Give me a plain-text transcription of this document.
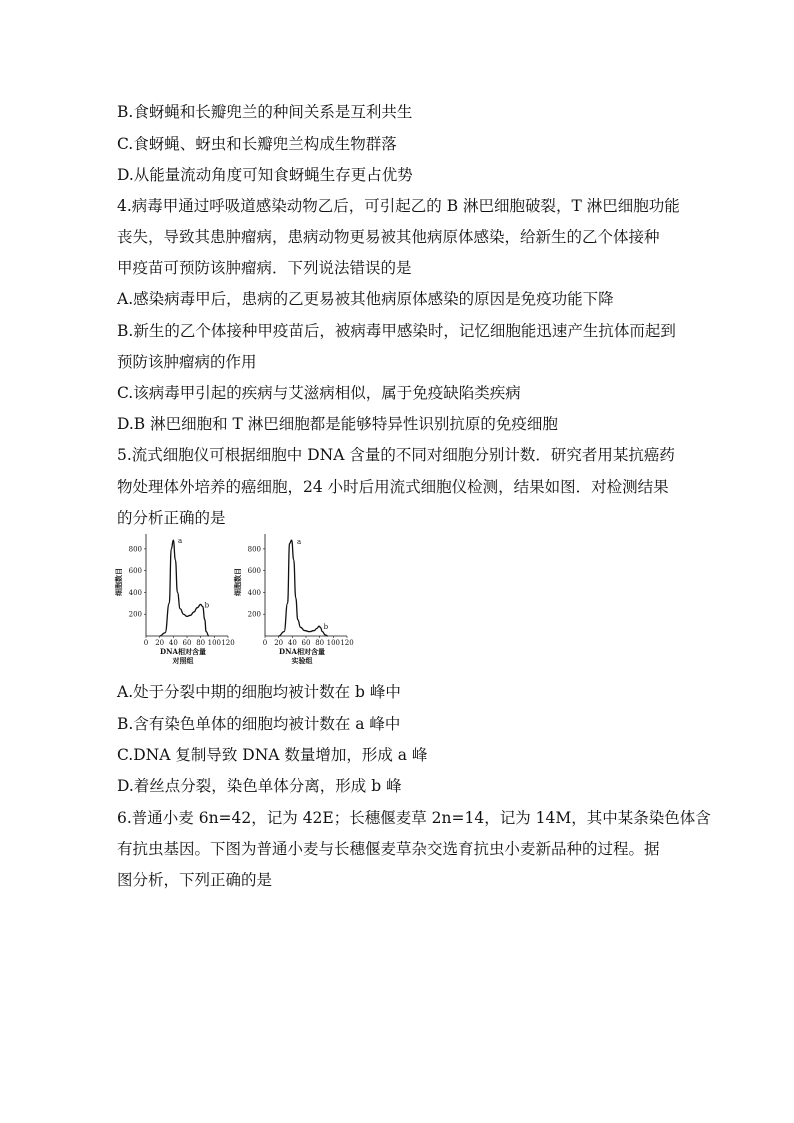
B.食蚜蝇和长瓣兜兰的种间关系是互利共生
C.食蚜蝇、蚜虫和长瓣兜兰构成生物群落
D.从能量流动角度可知食蚜蝇生存更占优势
4.病毒甲通过呼吸道感染动物乙后，可引起乙的 B 淋巴细胞破裂，T 淋巴细胞功能
丧失，导致其患肿瘤病，患病动物更易被其他病原体感染，给新生的乙个体接种
甲疫苗可预防该肿瘤病．下列说法错误的是
A.感染病毒甲后，患病的乙更易被其他病原体感染的原因是免疫功能下降
B.新生的乙个体接种甲疫苗后，被病毒甲感染时，记忆细胞能迅速产生抗体而起到
预防该肿瘤病的作用
C.该病毒甲引起的疾病与艾滋病相似，属于免疫缺陷类疾病
D.B 淋巴细胞和 T 淋巴细胞都是能够特异性识别抗原的免疫细胞
5.流式细胞仪可根据细胞中 DNA 含量的不同对细胞分别计数．研究者用某抗癌药
物处理体外培养的癌细胞，24 小时后用流式细胞仪检测，结果如图．对检测结果
的分析正确的是
0 20 40 60 80 100 120
200
400
600
800
a
b
细胞数目
DNA相对含量
对照组
0 20 40 60 80 100 120
200
400
600
800
a
b
细胞数目
DNA相对含量
实验组
A.处于分裂中期的细胞均被计数在 b 峰中
B.含有染色单体的细胞均被计数在 a 峰中
C.DNA 复制导致 DNA 数量增加，形成 a 峰
D.着丝点分裂，染色单体分离，形成 b 峰
6.普通小麦 6n=42，记为 42E；长穗偃麦草 2n=14，记为 14M，其中某条染色体含
有抗虫基因。下图为普通小麦与长穗偃麦草杂交选育抗虫小麦新品种的过程。据
图分析，下列正确的是
